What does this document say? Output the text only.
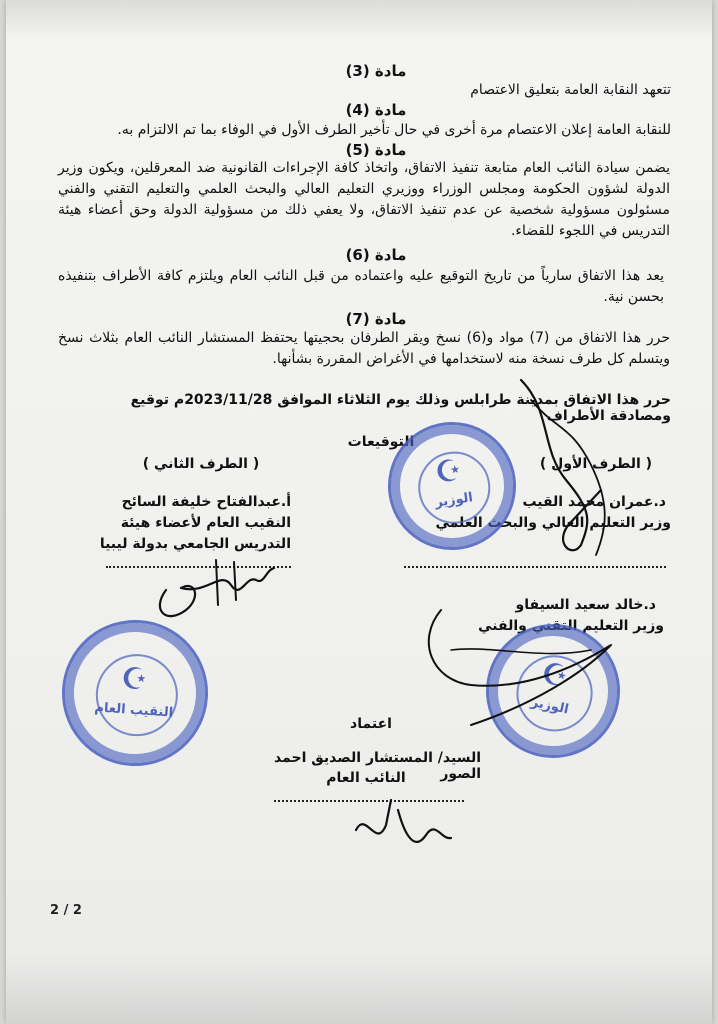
مادة (3)
تتعهد النقابة العامة بتعليق الاعتصام
مادة (4)
للنقابة العامة إعلان الاعتصام مرة أخرى في حال تأخير الطرف الأول في الوفاء بما تم الالتزام به.
مادة (5)
يضمن سيادة النائب العام متابعة تنفيذ الاتفاق، واتخاذ كافة الإجراءات القانونية ضد المعرقلين، ويكون وزير الدولة لشؤون الحكومة ومجلس الوزراء ووزيري التعليم العالي والبحث العلمي والتعليم التقني والفني مسئولون مسؤولية شخصية عن عدم تنفيذ الاتفاق، ولا يعفي ذلك من مسؤولية الدولة وحق أعضاء هيئة التدريس في اللجوء للقضاء.
مادة (6)
يعد هذا الاتفاق سارياً من تاريخ التوقيع عليه واعتماده من قبل النائب العام ويلتزم كافة الأطراف بتنفيذه بحسن نية.
مادة (7)
حرر هذا الاتفاق من (7) مواد و(6) نسخ ويقر الطرفان بحجيتها يحتفظ المستشار النائب العام بثلاث نسخ ويتسلم كل طرف نسخة منه لاستخدامها في الأغراض المقررة بشأنها.
حرر هذا الاتفاق بمدينة طرابلس وذلك يوم الثلاثاء الموافق 2023/11/28م توقيع ومصادقة الأطراف
التوقيعات
( الطرف الأول )
د.عمران محمد القيب
وزير التعليم العالي والبحث العلمي
د.خالد سعيد السيفاو
وزير التعليم التقني والفني
( الطرف الثاني )
أ.عبدالفتاح خليفة السائح
النقيب العام لأعضاء هيئة
التدريس الجامعي بدولة ليبيا
اعتماد
السيد/ المستشار الصديق احمد الصور
النائب العام
2 / 2
☪
الوزير
☪
النقيب العام
☪
الوزير
